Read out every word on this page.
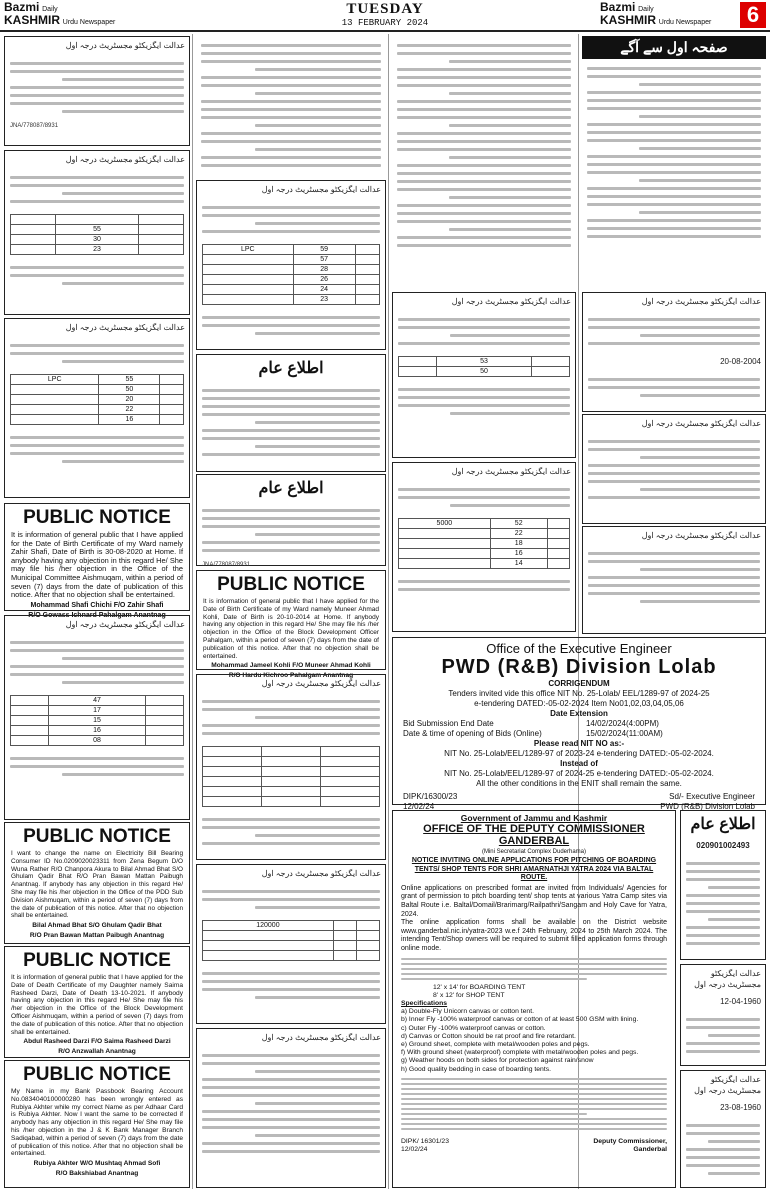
Bazmi Daily
KASHMIR Urdu Newspaper
TUESDAY
13 FEBRUARY 2024
Bazmi Daily
KASHMIR Urdu Newspaper	6
عدالت ایگزیکٹو مجسٹریٹ درجہ اول
JNA/778087/8931
عدالت ایگزیکٹو مجسٹریٹ درجہ اول

	55	
	30	
	23	
عدالت ایگزیکٹو مجسٹریٹ درجہ اول
LPC	55	
	50	
	20	
	22	
	16	
PUBLIC NOTICE
It is information of general public that I have applied for the Date of Birth Certificate of my Ward namely Zahir Shafi, Date of Birth is 30-08-2020 at Home. If anybody having any objection in this regard He/ She may file his /her objection in the Office of the Municipal Committee Aishmuqam, within a period of seven (7) days from the date of publication of this notice. After that no objection shall be entertained.
Mohammad Shafi Chichi F/O Zahir Shafi
R/O Gowass Ichnard Pahalgam Anantnag
عدالت ایگزیکٹو مجسٹریٹ درجہ اول
	47	
	17	
	15	
	16	
	08	
PUBLIC NOTICE
I want to change the name on Electricity Bill Bearing Consumer ID No.0209020023311 from Zena Begum D/O Wuna Rather R/O Chanpora Akura to Bilal Ahmad Bhat S/O Ghulam Qadir Bhat R/O Pran Bawan Mattan Paibugh Anantnag. If anybody has any objection in this regard He/ She may file his /her objection in the Office of the PDD Sub Division Aishmuqam, within a period of seven (7) days from the date of publication of this notice. After that no objection shall be entertained.
Bilal Ahmad Bhat S/O Ghulam Qadir Bhat
R/O Pran Bawan Mattan Paibugh Anantnag
PUBLIC NOTICE
It is information of general public that I have applied for the Date of Death Certificate of my Daughter namely Saima Rasheed Darzi, Date of Death 13-10-2021. If anybody having any objection in this regard He/ She may file his /her objection in the Office of the Block Development Officer Aishmuqam, within a period of seven (7) days from the date of publication of this notice. After that no objection shall be entertained.
Abdul Rasheed Darzi F/O Saima Rasheed Darzi
R/O Anzwallah Anantnag
PUBLIC NOTICE
My Name in my Bank Passbook Bearing Account No.0834040100000280 has been wrongly entered as Rubiya Akhter while my correct Name as per Adhaar Card is Rubiya Akhter. Now I want the same to be corrected if anybody has any objection in this regard He/ She may file his /her objection in the J & K Bank Manager Branch Sadiqabad, within a period of seven (7) days from the date of publication of this notice. After that no objection shall be entertained.
Rubiya Akhter W/O Mushtaq Ahmad Sofi
R/O Bakshiabad Anantnag
عدالت ایگزیکٹو مجسٹریٹ درجہ اول
LPC	59	
	57	
	28	
	26	
	24	
	23	
اطلاع عام
اطلاع عام
JNA/778087/8931
PUBLIC NOTICE
It is information of general public that I have applied for the Date of Birth Certificate of my Ward namely Muneer Ahmad Kohli, Date of Birth is 20-10-2014 at Home. If anybody having any objection in this regard He/ She may file his /her objection in the Office of the Block Development Officer Pahalgam, within a period of seven (7) days from the date of publication of this notice. After that no objection shall be entertained.
Mohammad Jameel Kohli F/O Muneer Ahmad Kohli
R/O Hardu Kichroo Pahalgam Anantnag
عدالت ایگزیکٹو مجسٹریٹ درجہ اول

عدالت ایگزیکٹو مجسٹریٹ درجہ اول
120000		

عدالت ایگزیکٹو مجسٹریٹ درجہ اول
عدالت ایگزیکٹو مجسٹریٹ درجہ اول
	53	
	50	
عدالت ایگزیکٹو مجسٹریٹ درجہ اول
5000	52	
	22	
	18	
	16	
	14	
صفحہ اول سے آگے
عدالت ایگزیکٹو مجسٹریٹ درجہ اول
20-08-2004
عدالت ایگزیکٹو مجسٹریٹ درجہ اول
عدالت ایگزیکٹو مجسٹریٹ درجہ اول
Office of the Executive Engineer
PWD (R&B) Division Lolab
CORRIGENDUM
Tenders invited vide this office NIT No. 25-Lolab/ EEL/1289-97 of 2024-25
e-tendering DATED:-05-02-2024 Item No01,02,03,04,05,06
Date Extension
Bid Submission End Date	14/02/2024(4:00PM)
Date & time of opening of Bids (Online)	15/02/2024(11:00AM)
Please read NIT NO as:-
NIT No. 25-Lolab/EEL/1289-97 of 2023-24 e-tendering DATED:-05-02-2024.
Instead of
NIT No. 25-Lolab/EEL/1289-97 of 2024-25 e-tendering DATED:-05-02-2024.
All the other conditions in the ENIT shall remain the same.
DIPK/16300/23	Sd/- Executive Engineer
12/02/24	PWD (R&B) Division Lolab
Government of Jammu and Kashmir
OFFICE OF THE DEPUTY COMMISSIONER
GANDERBAL
(Mini Secretariat Complex Duderhama)
NOTICE INVITING ONLINE APPLICATIONS FOR PITCHING OF BOARDING TENTS/ SHOP TENTS FOR SHRI AMARNATHJI YATRA 2024 VIA BALTAL ROUTE.
Online applications on prescribed format are invited from Individuals/ Agencies for grant of permission to pitch boarding tent/ shop tents at various Yatra Camp sites via Baltal Route i.e. Baltal/Domail/Brarimarg/Railpathri/Sangam and Holy Cave for Yatra, 2024.
The online application forms shall be available on the District website www.ganderbal.nic.in/yatra-2023 w.e.f 24th February, 2024 to 25th March 2024. The intending Tent/Shop owners will be required to submit filled application forms through online mode.
12' x 14' for BOARDING TENT
8' x 12' for SHOP TENT
Specifications
a) Double-Fly Unicorn canvas or cotton tent.
b) Inner Fly -100% waterproof canvas or cotton of at least 500 GSM with lining.
c) Outer Fly -100% waterproof canvas or cotton.
d) Canvas or Cotton should be rat proof and fire retardant.
e) Ground sheet, complete with metal/wooden poles and pegs.
f) With ground sheet (waterproof) complete with metal/wooden poles and pegs.
g) Weather hoods on both sides for protection against rain/snow
h) Good quality bedding in case of boarding tents.
DIPK/ 16301/23	Deputy Commissioner,
12/02/24	Ganderbal
اطلاع عام
020901002493
عدالت ایگزیکٹو مجسٹریٹ درجہ اول
12-04-1960
عدالت ایگزیکٹو مجسٹریٹ درجہ اول
23-08-1960
